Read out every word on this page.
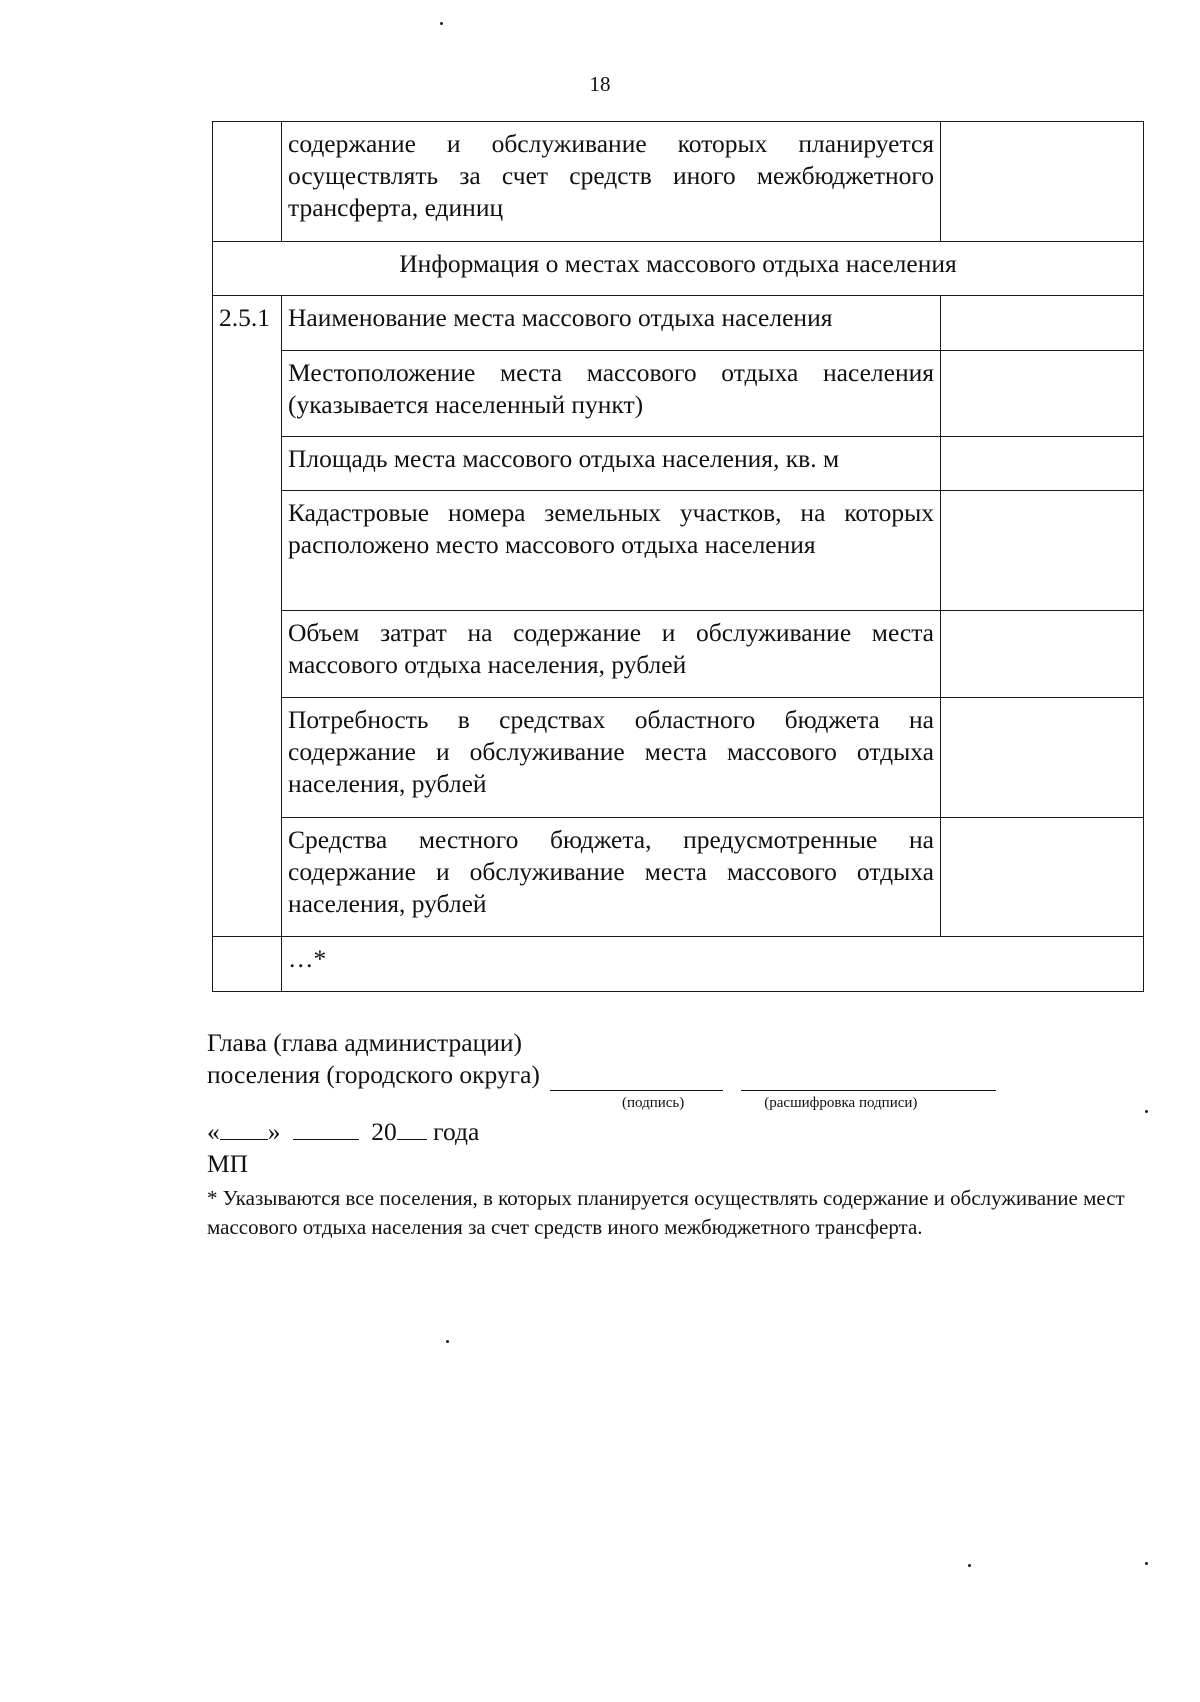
18
	содержание и обслуживание которых планируется осуществлять за счет средств иного межбюджетного трансферта, единиц	
Информация о местах массового отдыха населения		
2.5.1	Наименование места массового отдыха населения	
	Местоположение места массового отдыха населения (указывается населенный пункт)	
	Площадь места массового отдыха населения, кв. м	
	Кадастровые номера земельных участков, на которых расположено место массового отдыха населения	
	Объем затрат на содержание и обслуживание места массового отдыха населения, рублей	
	Потребность в средствах областного бюджета на содержание и обслуживание места массового отдыха населения, рублей	
	Средства местного бюджета, предусмотренные на содержание и обслуживание места массового отдыха населения, рублей	
	…*	
Глава (глава администрации)
поселения (городского округа)
(подпись)	(расшифровка подписи)
« »	20 года
МП
* Указываются все поселения, в которых планируется осуществлять содержание и обслуживание мест массового отдыха населения за счет средств иного межбюджетного трансферта.
